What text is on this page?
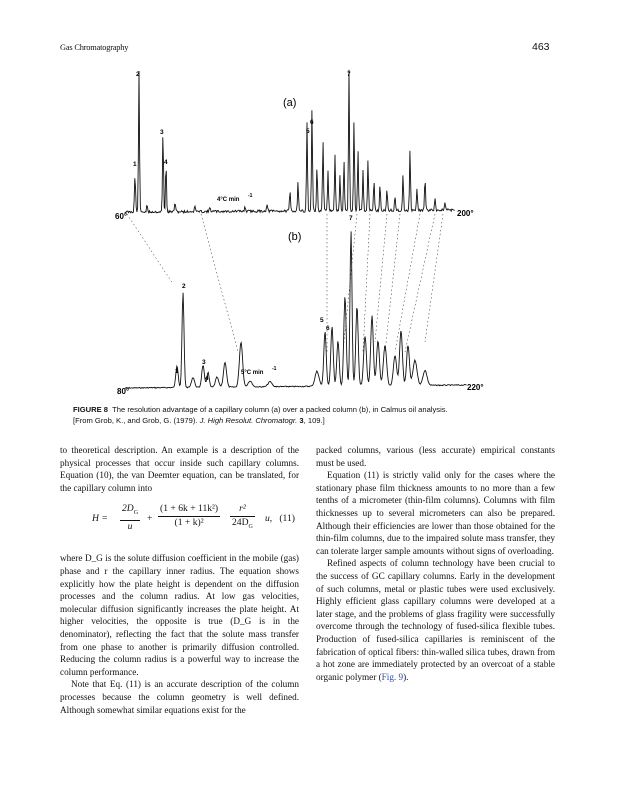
Gas Chromatography	463
(a)
(b)
60°	200°
80°	220°
4°C min
-1
5°C min
-1
1
2
3
4
5
6
7
1
2
3
4
5
6
7
FIGURE 8 The resolution advantage of a capillary column (a) over a packed column (b), in Calmus oil analysis.
[From Grob, K., and Grob, G. (1979). J. High Resolut. Chromatogr. 3, 109.]

to theoretical description. An example is a description of the physical processes that occur inside such capillary columns. Equation (10), the van Deemter equation, can be translated, for the capillary column into

$H = \frac{2D_G}{u} + \frac{\text{(1 + 6k + 11k²)}}{\text{(1 + k)²}} \frac{\text{r²}}{24D_G} u$, (11)

where D_G is the solute diffusion coefficient in the mobile (gas) phase and r the capillary inner radius. The equation shows explicitly how the plate height is dependent on the diffusion processes and the column radius. At low gas velocities, molecular diffusion significantly increases the plate height. At higher velocities, the opposite is true (D_G is in the denominator), reflecting the fact that the solute mass transfer from one phase to another is primarily diffusion controlled. Reducing the column radius is a powerful way to increase the column performance.

Note that Eq. (11) is an accurate description of the column processes because the column geometry is well defined. Although somewhat similar equations exist for the

packed columns, various (less accurate) empirical constants must be used.

Equation (11) is strictly valid only for the cases where the stationary phase film thickness amounts to no more than a few tenths of a micrometer (thin-film columns). Columns with film thicknesses up to several micrometers can also be prepared. Although their efficiencies are lower than those obtained for the thin-film columns, due to the impaired solute mass transfer, they can tolerate larger sample amounts without signs of overloading.

Refined aspects of column technology have been crucial to the success of GC capillary columns. Early in the development of such columns, metal or plastic tubes were used exclusively. Highly efficient glass capillary columns were developed at a later stage, and the problems of glass fragility were successfully overcome through the technology of fused-silica flexible tubes. Production of fused-silica capillaries is reminiscent of the fabrication of optical fibers: thin-walled silica tubes, drawn from a hot zone are immediately protected by an overcoat of a stable organic polymer (Fig. 9).
